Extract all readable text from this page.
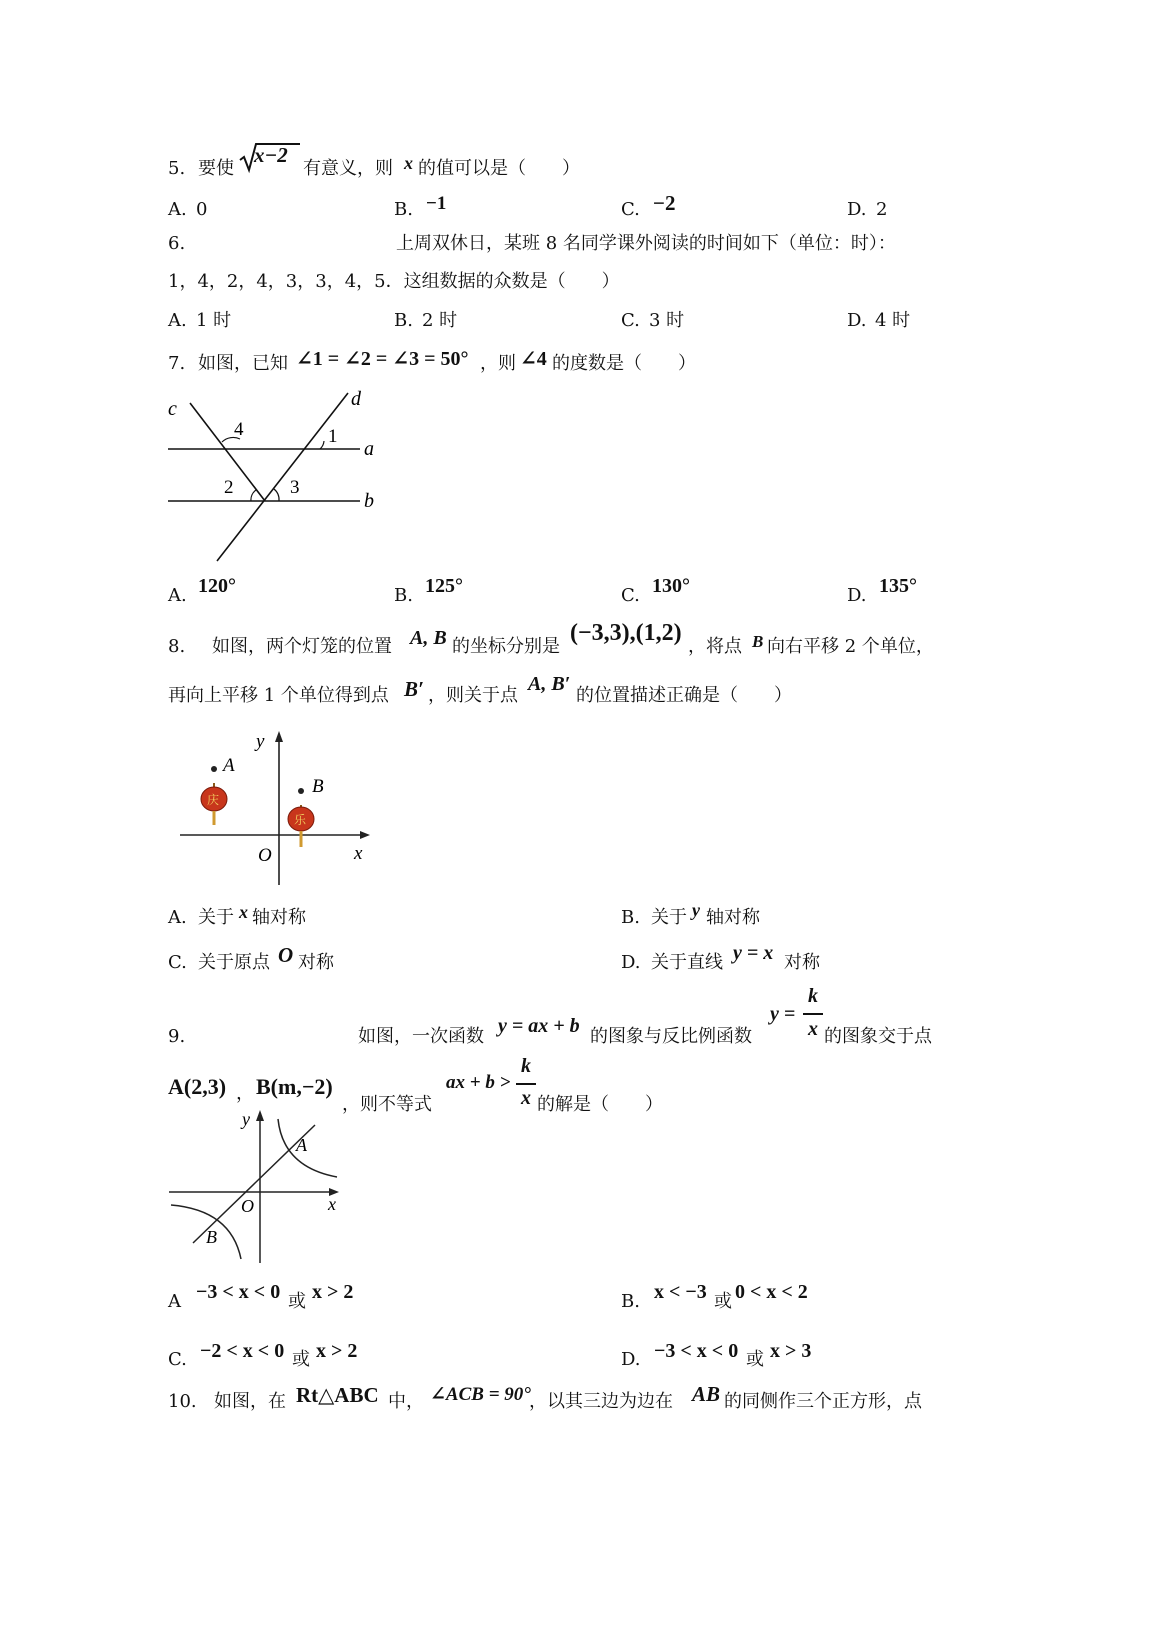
5. 要使
x−2
有意义，则 x 的值可以是（　　）
A. 0	B. −1	C. −2	D. 2
6.	上周双休日，某班 8 名同学课外阅读的时间如下（单位：时）：
1，4，2，4，3，3，4，5．这组数据的众数是（　　）
A. 1 时	B. 2 时	C. 3 时	D. 4 时
7. 如图，已知 ∠1 = ∠2 = ∠3 = 50° ，则 ∠4 的度数是（　　）
c	d
a
b
1
2	3
4
A. 120°	B. 125°	C. 130°	D. 135°
8. 如图，两个灯笼的位置 A, B 的坐标分别是
(−3,3),(1,2)
，将点 B 向右平移 2 个单位，
再向上平移 1 个单位得到点 B′ ，则关于点
A, B′
的位置描述正确是（　　）
y
x
O
A
庆
B
乐
A. 关于 x 轴对称	B. 关于 y 轴对称
C. 关于原点 O 对称	D. 关于直线 y = x 对称
9.	如图，一次函数 y = ax + b 的图象与反比例函数
y =
k
x 的图象交于点
A(2,3) ， B(m,−2)
，则不等式
ax + b >
k
x 的解是（　　）
y
x
O
A
B
A −3 < x < 0 或 x > 2	B. x < −3 或 0 < x < 2
C. −2 < x < 0 或 x > 2	D. −3 < x < 0 或 x > 3
10. 如图，在 Rt△ABC 中， ∠ACB = 90°
，以其三边为边在 AB 的同侧作三个正方形，点
